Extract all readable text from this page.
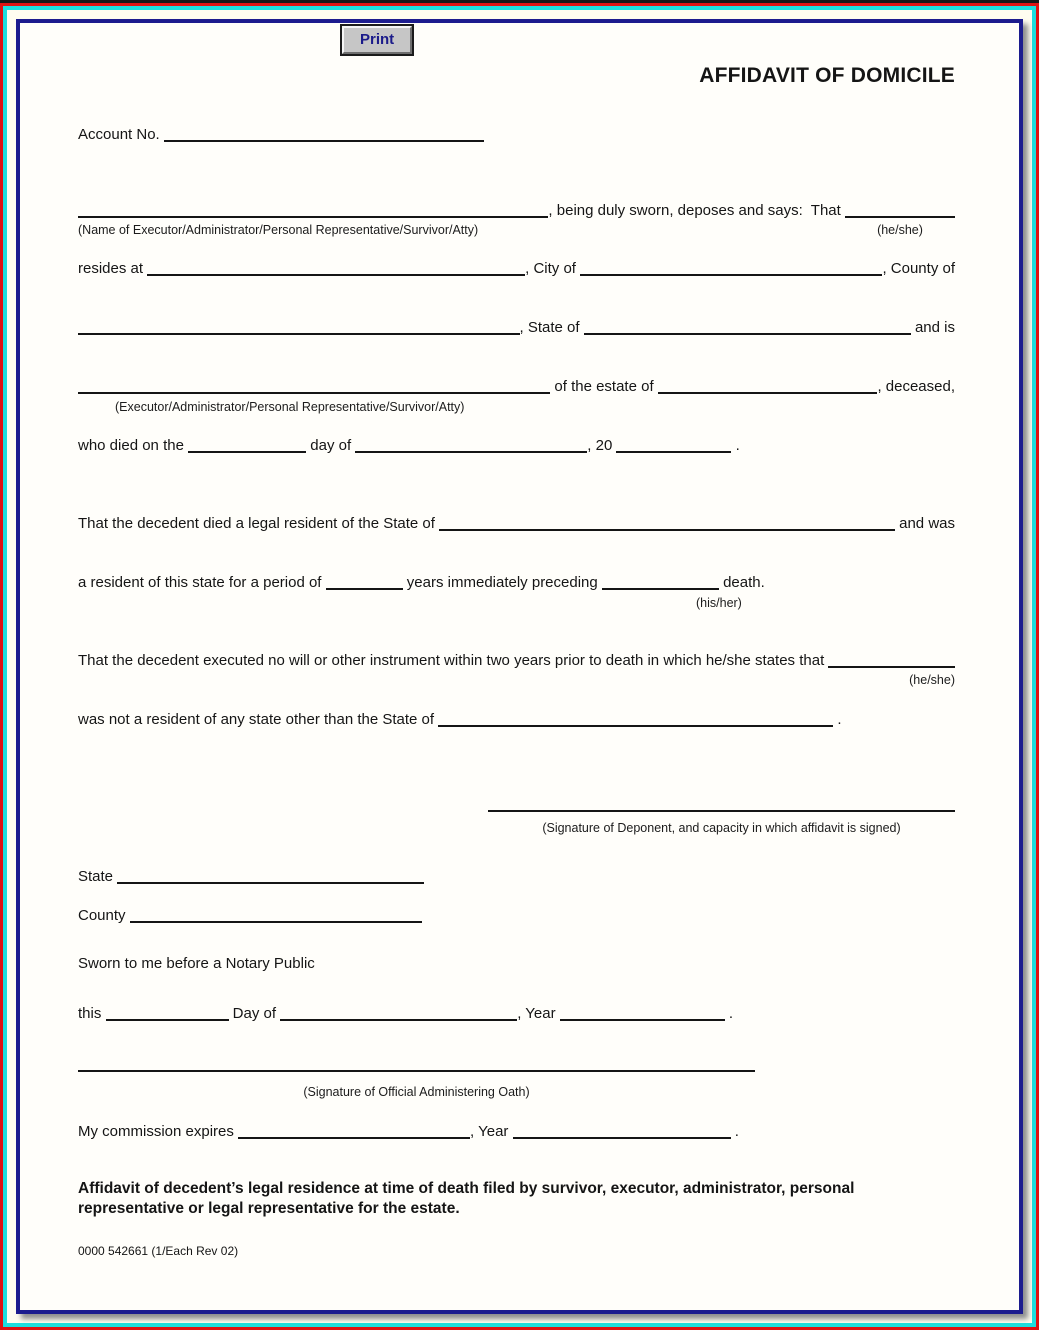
Print
AFFIDAVIT OF DOMICILE
Account No.
, being duly sworn, deposes and says:  That
(Name of Executor/Administrator/Personal Representative/Survivor/Atty)	(he/she)
resides at	, City of	, County of
, State of	and is
of the estate of	, deceased,
(Executor/Administrator/Personal Representative/Survivor/Atty)
who died on the	day of	, 20	.
That the decedent died a legal resident of the State of	and was
a resident of this state for a period of	years immediately preceding	death.
(his/her)
That the decedent executed no will or other instrument within two years prior to death in which he/she states that
(he/she)
was not a resident of any state other than the State of	.
(Signature of Deponent, and capacity in which affidavit is signed)
State
County
Sworn to me before a Notary Public
this	Day of	, Year	.
(Signature of Official Administering Oath)
My commission expires	, Year	.
Affidavit of decedent’s legal residence at time of death filed by survivor, executor, administrator, personal
representative or legal representative for the estate.
0000 542661 (1/Each Rev 02)
